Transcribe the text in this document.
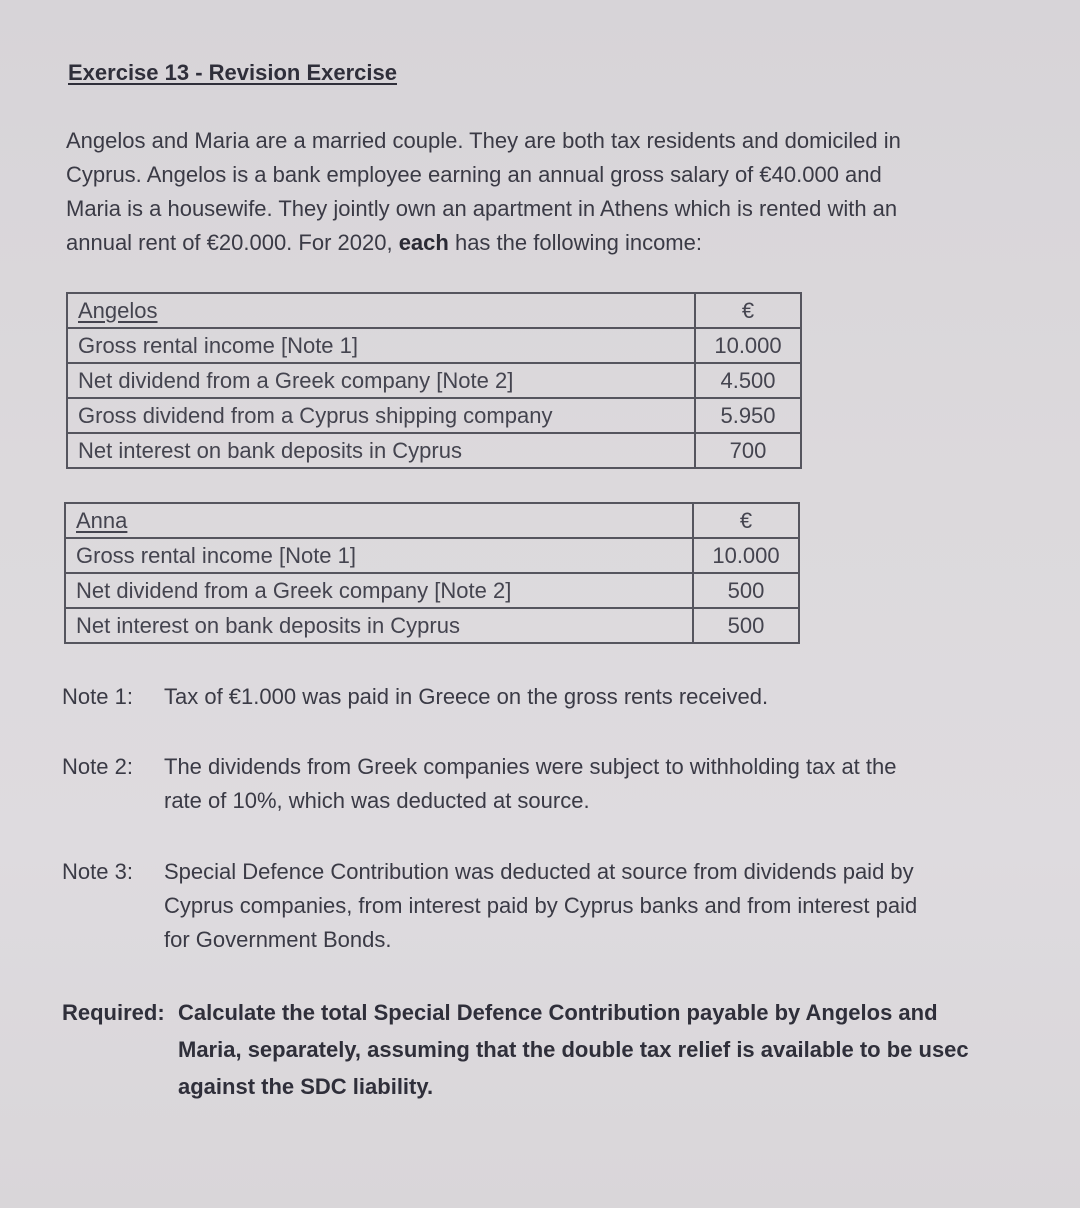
Exercise 13 - Revision Exercise

Angelos and Maria are a married couple. They are both tax residents and domiciled in
Cyprus. Angelos is a bank employee earning an annual gross salary of €40.000 and
Maria is a housewife. They jointly own an apartment in Athens which is rented with an
annual rent of €20.000. For 2020, each has the following income:

Angelos	€
Gross rental income [Note 1]	10.000
Net dividend from a Greek company [Note 2]	4.500
Gross dividend from a Cyprus shipping company	5.950
Net interest on bank deposits in Cyprus	700
Anna	€
Gross rental income [Note 1]	10.000
Net dividend from a Greek company [Note 2]	500
Net interest on bank deposits in Cyprus	500
Note 1: Tax of €1.000 was paid in Greece on the gross rents received.
Note 2: The dividends from Greek companies were subject to withholding tax at the
rate of 10%, which was deducted at source.
Note 3: Special Defence Contribution was deducted at source from dividends paid by
Cyprus companies, from interest paid by Cyprus banks and from interest paid
for Government Bonds.
Required: Calculate the total Special Defence Contribution payable by Angelos and
Maria, separately, assuming that the double tax relief is available to be usec
against the SDC liability.
